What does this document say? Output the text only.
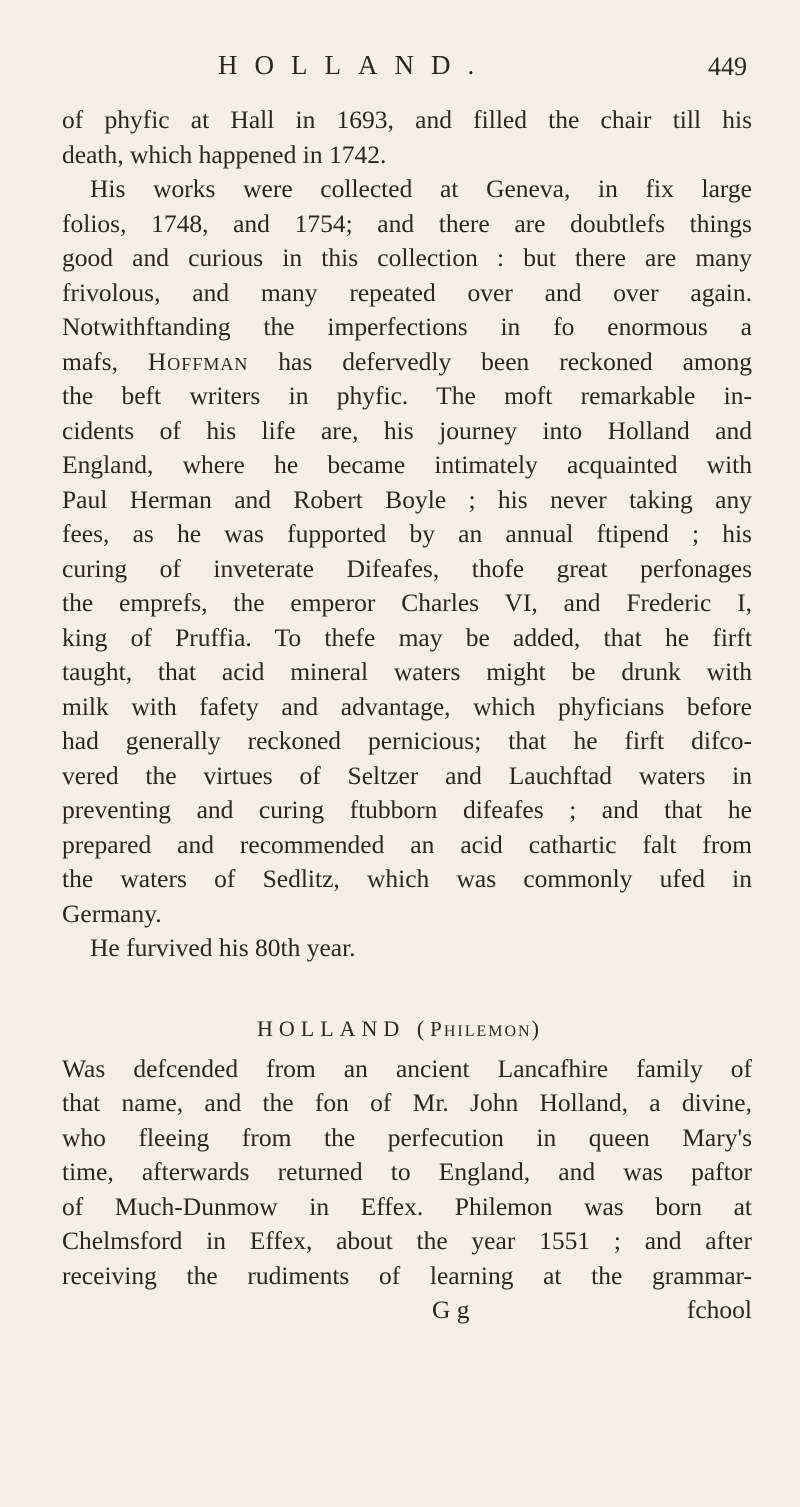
HOLLAND.	449
of phyfic at Hall in 1693, and filled the chair till his
death, which happened in 1742.
His works were collected at Geneva, in fix large
folios, 1748, and 1754; and there are doubtlefs things
good and curious in this collection : but there are many
frivolous, and many repeated over and over again.
Notwithftanding the imperfections in fo enormous a
mafs, Hoffman has defervedly been reckoned among
the beft writers in phyfic. The moft remarkable in-
cidents of his life are, his journey into Holland and
England, where he became intimately acquainted with
Paul Herman and Robert Boyle ; his never taking any
fees, as he was fupported by an annual ftipend ; his
curing of inveterate Difeafes, thofe great perfonages
the emprefs, the emperor Charles VI, and Frederic I,
king of Pruffia. To thefe may be added, that he firft
taught, that acid mineral waters might be drunk with
milk with fafety and advantage, which phyficians before
had generally reckoned pernicious; that he firft difco-
vered the virtues of Seltzer and Lauchftad waters in
preventing and curing ftubborn difeafes ; and that he
prepared and recommended an acid cathartic falt from
the waters of Sedlitz, which was commonly ufed in
Germany.
He furvived his 80th year.
HOLLAND (PHILEMON)
Was defcended from an ancient Lancafhire family of
that name, and the fon of Mr. John Holland, a divine,
who fleeing from the perfecution in queen Mary's
time, afterwards returned to England, and was paftor
of Much-Dunmow in Effex. Philemon was born at
Chelmsford in Effex, about the year 1551 ; and after
receiving the rudiments of learning at the grammar-
G g	fchool
